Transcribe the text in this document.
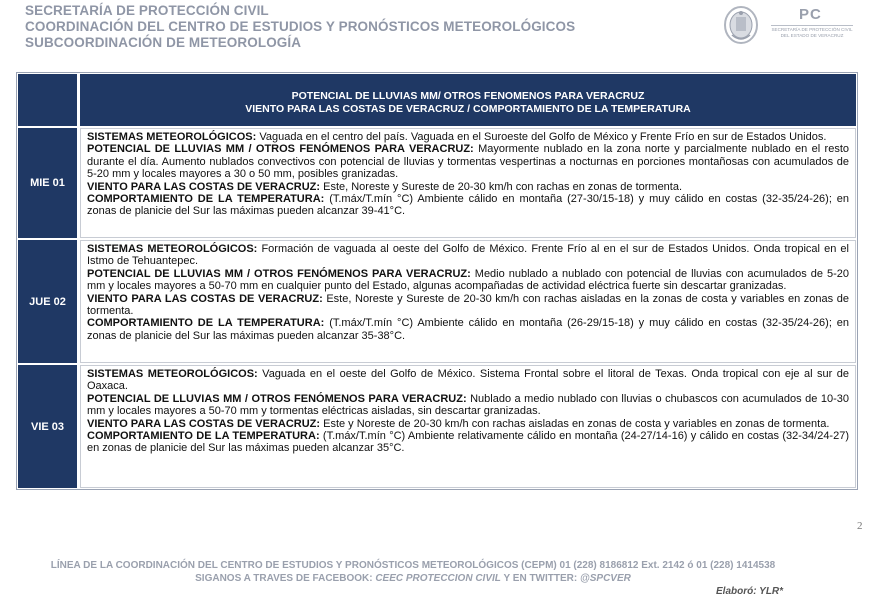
SECRETARÍA DE PROTECCIÓN CIVIL
COORDINACIÓN DEL CENTRO DE ESTUDIOS Y PRONÓSTICOS METEOROLÓGICOS
SUBCOORDINACIÓN DE METEOROLOGÍA
PC
SECRETARÍA DE PROTECCIÓN CIVIL
DEL ESTADO DE VERACRUZ
POTENCIAL DE LLUVIAS MM/ OTROS FENOMENOS PARA VERACRUZ
VIENTO PARA LAS COSTAS DE VERACRUZ / COMPORTAMIENTO DE LA TEMPERATURA
MIE 01

SISTEMAS METEOROLÓGICOS: Vaguada en el centro del país. Vaguada en el Suroeste del Golfo de México y Frente Frío en sur de Estados Unidos.

POTENCIAL DE LLUVIAS MM / OTROS FENÓMENOS PARA VERACRUZ: Mayormente nublado en la zona norte y parcialmente nublado en el resto durante el día. Aumento nublados convectivos con potencial de lluvias y tormentas vespertinas a nocturnas en porciones montañosas con acumulados de 5-20 mm y locales mayores a 30 o 50 mm, posibles granizadas.

VIENTO PARA LAS COSTAS DE VERACRUZ: Este, Noreste y Sureste de 20-30 km/h con rachas en zonas de tormenta.

COMPORTAMIENTO DE LA TEMPERATURA: (T.máx/T.mín °C) Ambiente cálido en montaña (27-30/15-18) y muy cálido en costas (32-35/24-26); en zonas de planicie del Sur las máximas pueden alcanzar 39-41°C.

JUE 02

SISTEMAS METEOROLÓGICOS: Formación de vaguada al oeste del Golfo de México. Frente Frío al en el sur de Estados Unidos. Onda tropical en el Istmo de Tehuantepec.

POTENCIAL DE LLUVIAS MM / OTROS FENÓMENOS PARA VERACRUZ: Medio nublado a nublado con potencial de lluvias con acumulados de 5-20 mm y locales mayores a 50-70 mm en cualquier punto del Estado, algunas acompañadas de actividad eléctrica fuerte sin descartar granizadas.

VIENTO PARA LAS COSTAS DE VERACRUZ: Este, Noreste y Sureste de 20-30 km/h con rachas aisladas en la zonas de costa y variables en zonas de tormenta.

COMPORTAMIENTO DE LA TEMPERATURA: (T.máx/T.mín °C) Ambiente cálido en montaña (26-29/15-18) y muy cálido en costas (32-35/24-26); en zonas de planicie del Sur las máximas pueden alcanzar 35-38°C.

VIE 03

SISTEMAS METEOROLÓGICOS: Vaguada en el oeste del Golfo de México. Sistema Frontal sobre el litoral de Texas. Onda tropical con eje al sur de Oaxaca.

POTENCIAL DE LLUVIAS MM / OTROS FENÓMENOS PARA VERACRUZ: Nublado a medio nublado con lluvias o chubascos con acumulados de 10-30 mm y locales mayores a 50-70 mm y tormentas eléctricas aisladas, sin descartar granizadas.

VIENTO PARA LAS COSTAS DE VERACRUZ: Este y Noreste de 20-30 km/h con rachas aisladas en zonas de costa y variables en zonas de tormenta.

COMPORTAMIENTO DE LA TEMPERATURA: (T.máx/T.mín °C) Ambiente relativamente cálido en montaña (24-27/14-16) y cálido en costas (32-34/24-27) en zonas de planicie del Sur las máximas pueden alcanzar 35°C.

2
LÍNEA DE LA COORDINACIÓN DEL CENTRO DE ESTUDIOS Y PRONÓSTICOS METEOROLÓGICOS (CEPM) 01 (228) 8186812 Ext. 2142 ó 01 (228) 1414538
SIGANOS A TRAVES DE FACEBOOK: CEEC PROTECCION CIVIL Y EN TWITTER: @SPCVER
Elaboró: YLR*
